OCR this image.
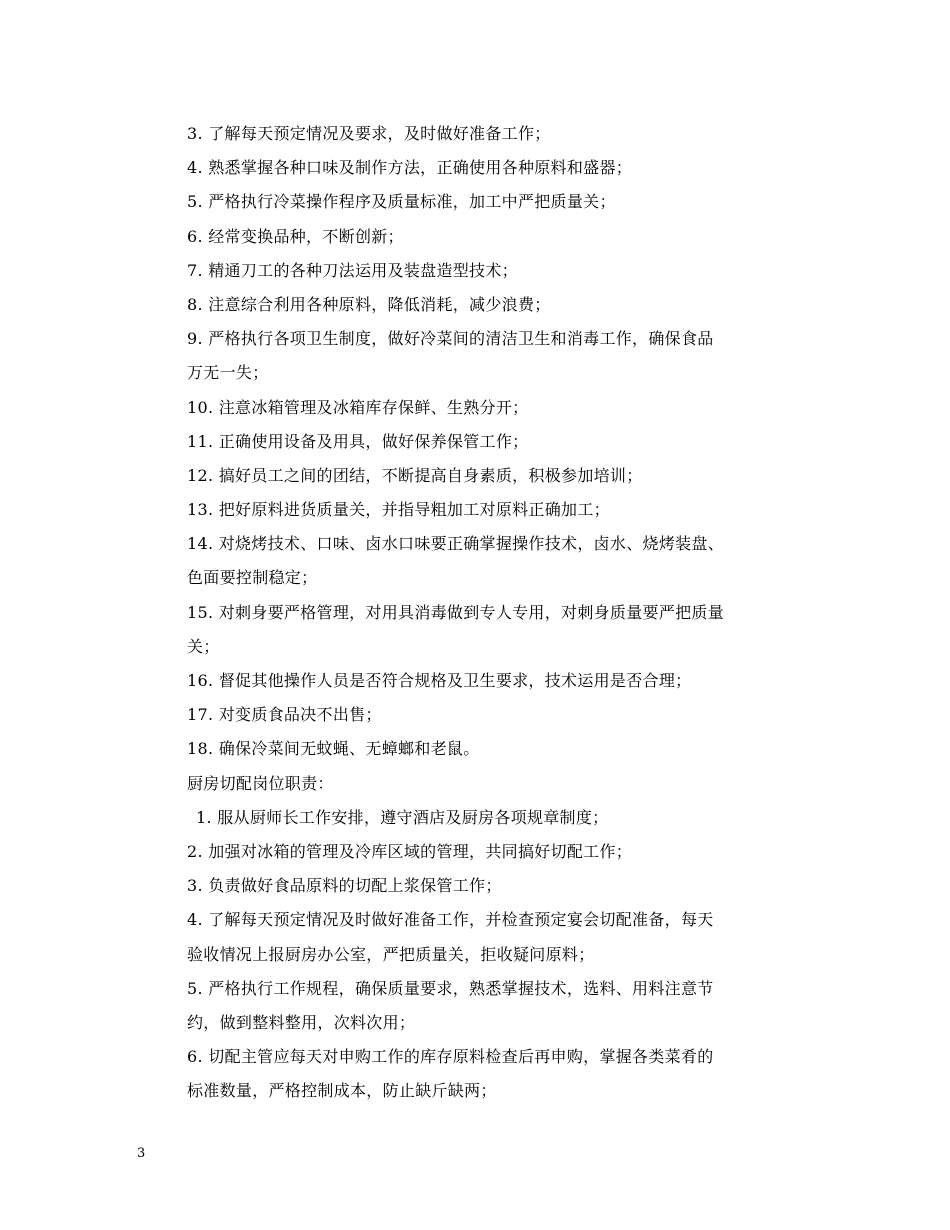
3. 了解每天预定情况及要求，及时做好准备工作；
4. 熟悉掌握各种口味及制作方法，正确使用各种原料和盛器；
5. 严格执行冷菜操作程序及质量标准，加工中严把质量关；
6. 经常变换品种，不断创新；
7. 精通刀工的各种刀法运用及装盘造型技术；
8. 注意综合利用各种原料，降低消耗，减少浪费；
9. 严格执行各项卫生制度，做好冷菜间的清洁卫生和消毒工作，确保食品
万无一失；
10. 注意冰箱管理及冰箱库存保鲜、生熟分开；
11. 正确使用设备及用具，做好保养保管工作；
12. 搞好员工之间的团结，不断提高自身素质，积极参加培训；
13. 把好原料进货质量关，并指导粗加工对原料正确加工；
14. 对烧烤技术、口味、卤水口味要正确掌握操作技术，卤水、烧烤装盘、
色面要控制稳定；
15. 对刺身要严格管理，对用具消毒做到专人专用，对刺身质量要严把质量
关；
16. 督促其他操作人员是否符合规格及卫生要求，技术运用是否合理；
17. 对变质食品决不出售；
18. 确保冷菜间无蚊蝇、无蟑螂和老鼠。
厨房切配岗位职责：
1. 服从厨师长工作安排，遵守酒店及厨房各项规章制度；
2. 加强对冰箱的管理及冷库区域的管理，共同搞好切配工作；
3. 负责做好食品原料的切配上浆保管工作；
4. 了解每天预定情况及时做好准备工作，并检查预定宴会切配准备，每天
验收情况上报厨房办公室，严把质量关，拒收疑问原料；
5. 严格执行工作规程，确保质量要求，熟悉掌握技术，选料、用料注意节
约，做到整料整用，次料次用；
6. 切配主管应每天对申购工作的库存原料检查后再申购，掌握各类菜肴的
标准数量，严格控制成本，防止缺斤缺两；
3
